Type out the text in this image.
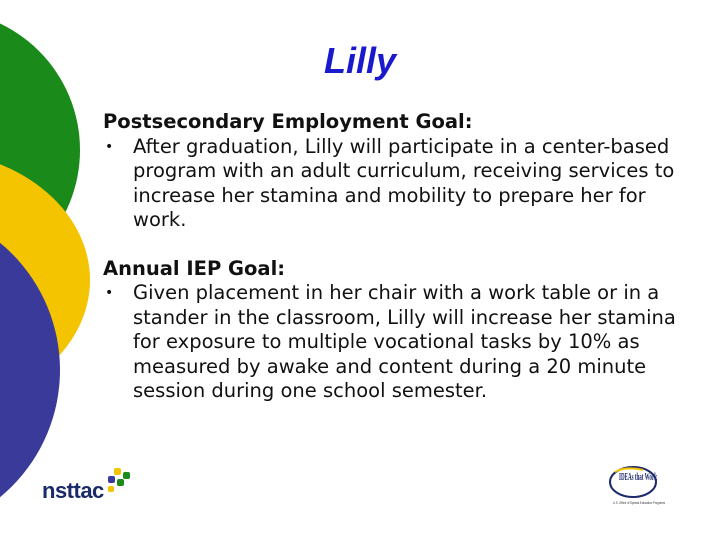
Lilly
Postsecondary Employment Goal:
•	After graduation, Lilly will participate in a center-based program with an adult curriculum, receiving services to increase her stamina and mobility to prepare her for work.
Annual IEP Goal:
•	Given placement in her chair with a work table or in a stander in the classroom, Lilly will increase her stamina for exposure to multiple vocational tasks by 10% as measured by awake and content during a 20 minute session during one school semester.
nsttac
IDEAs that Work
U.S. Office of Special Education Programs
